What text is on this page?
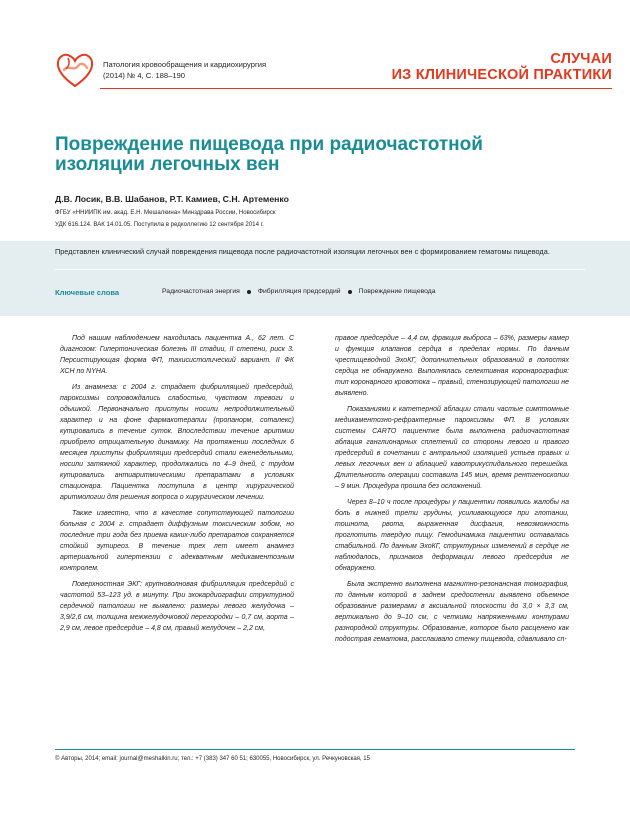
Патология кровообращения и кардиохирургия
(2014) № 4, С. 188–190
СЛУЧАИ
ИЗ КЛИНИЧЕСКОЙ ПРАКТИКИ
Повреждение пищевода при радиочастотной изоляции легочных вен
Д.В. Лосик, В.В. Шабанов, Р.Т. Камиев, С.Н. Артеменко
ФГБУ «ННИИПК им. акад. Е.Н. Мешалкина» Минздрава России, Новосибирск
УДК 616.124. ВАК 14.01.05. Поступила в редколлегию 12 сентября 2014 г.

Представлен клинический случай повреждения пищевода после радиочастотной изоляции легочных вен с формированием гематомы пищевода.

Ключевые слова	Радиочастотная энергия	Фибрилляция предсердий	Повреждение пищевода

Под нашим наблюдением находилась пациентка А., 62 лет. С диагнозом: Гипертоническая болезнь III стадии, II степени, риск 3. Персистирующая форма ФП, тахисистолический вариант. II ФК ХСН по NYHA.

Из анамнеза: с 2004 г. страдает фибрилляцией предсердий, пароксизмы сопровождались слабостью, чувством тревоги и одышкой. Первоначально приступы носили непродолжительный характер и на фоне фармакотерапии (пропанорм, соталекс) купировались в течение суток. Впоследствии течение аритмии приобрело отрицательную динамику. На протяжении последних 6 месяцев приступы фибрилляции предсердий стали еженедельными, носили затяжной характер, продолжались по 4–9 дней, с трудом купировались антиаритмическими препаратами в условиях стационара. Пациентка поступила в центр хирургической аритмологии для решения вопроса о хирургическом лечении.

Также известно, что в качестве сопутствующей патологии больная с 2004 г. страдает диффузным токсическим зобом, но последние три года без приема каких-либо препаратов сохраняется стойкий эутиреоз. В течение трех лет имеет анамнез артериальной гипертензии с адекватным медикаментозным контролем.

Поверхностная ЭКГ: крупноволновая фибрилляция предсердий с частотой 53–123 уд. в минуту. При эхокардиографии структурной сердечной патологии не выявлено: размеры левого желудочка – 3,9/2,6 см, толщина межжелудочковой перегородки – 0,7 см, аорта – 2,9 см, левое предсердие – 4,8 см, правый желудочек – 2,2 см,

правое предсердие – 4,4 см, фракция выброса – 63%, размеры камер и функция клапанов сердца в пределах нормы. По данным чреспищеводной ЭхоКГ, дополнительных образований в полостях сердца не обнаружено. Выполнялась селективная коронарография: тип коронарного кровотока – правый, стенозирующей патологии не выявлено.

Показаниями к катетерной аблации стали частые симптомные медикаментозно-рефрактерные пароксизмы ФП. В условиях системы CARTO пациентке была выполнена радиочастотная аблация ганглионарных сплетений со стороны левого и правого предсердий в сочетании с антральной изоляцией устьев правых и левых легочных вен и аблацией кавотрикуспидального перешейка. Длительность операции составила 145 мин, время рентгеноскопии – 9 мин. Процедура прошла без осложнений.

Через 8–10 ч после процедуры у пациентки появились жалобы на боль в нижней трети грудины, усиливающуюся при глотании, тошнота, рвота, выраженная дисфагия, невозможность проглотить твердую пищу. Гемодинамика пациентки оставалась стабильной. По данным ЭхоКГ, структурных изменений в сердце не наблюдалось, признаков деформации левого предсердия не обнаружено.

Была экстренно выполнена магнитно-резонансная томография, по данным которой в заднем средостении выявлено объемное образование размерами в аксиальной плоскости до 3,0 × 3,3 см, вертикально до 9–10 см, с четкими напряженными контурами разнородной структуры. Образование, которое было расценено как подострая гематома, расслаивало стенку пищевода, сдавливало сп-

© Авторы, 2014; email: journal@meshalkin.ru; тел.: +7 (383) 347 60 51; 630055, Новосибирск, ул. Речкуновская, 15
